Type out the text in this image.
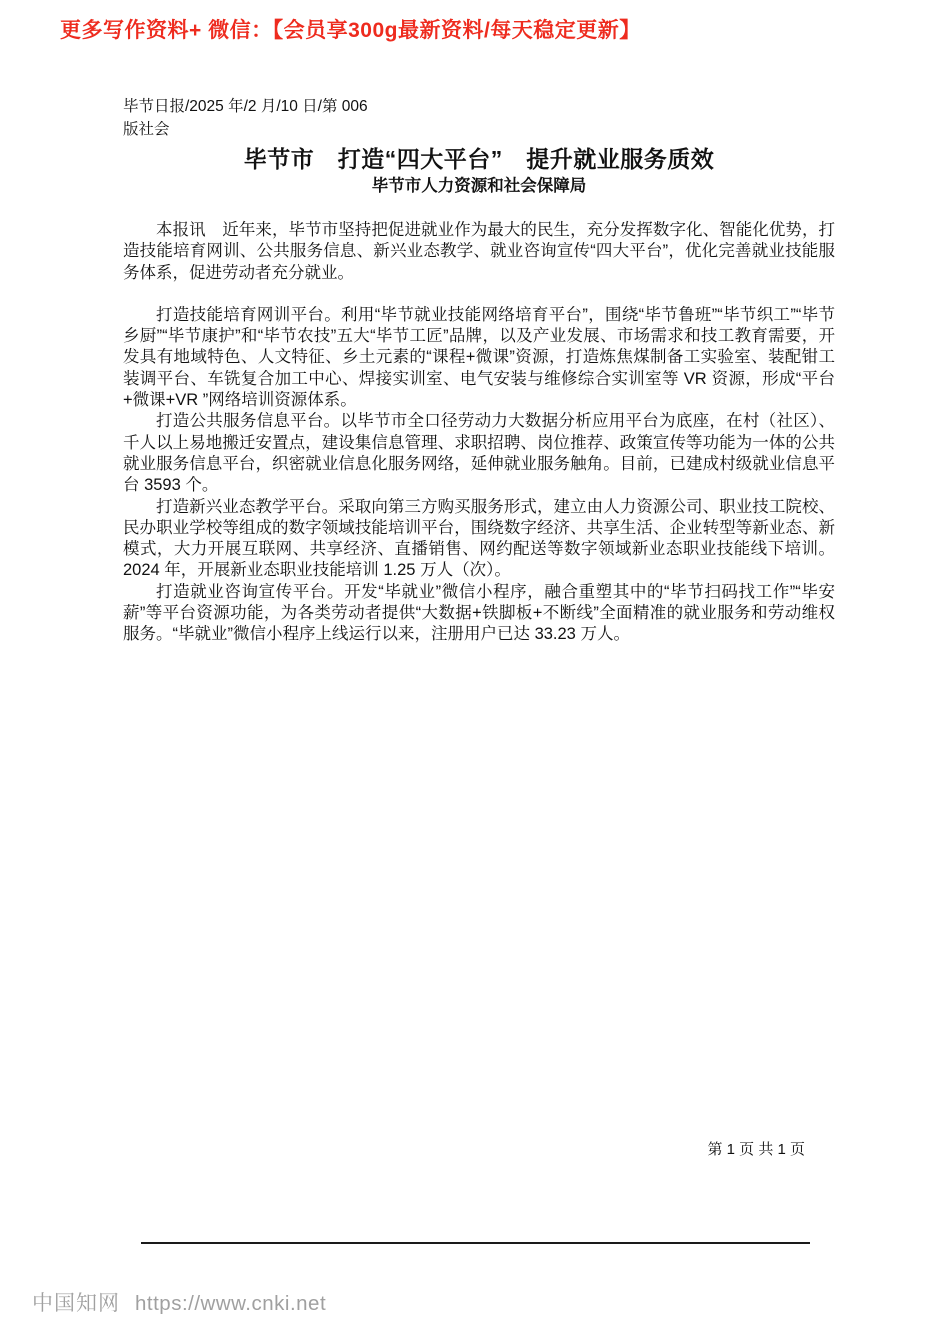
更多写作资料+ 微信：【会员享300g最新资料/每天稳定更新】
毕节日报/2025 年/2 月/10 日/第 006
版社会
毕节市　打造“四大平台”　提升就业服务质效
毕节市人力资源和社会保障局

本报讯　近年来，毕节市坚持把促进就业作为最大的民生，充分发挥数字化、智能化优势，打造技能培育网训、公共服务信息、新兴业态教学、就业咨询宣传“四大平台”，优化完善就业技能服务体系，促进劳动者充分就业。

打造技能培育网训平台。利用“毕节就业技能网络培育平台”，围绕“毕节鲁班”“毕节织工”“毕节乡厨”“毕节康护”和“毕节农技”五大“毕节工匠”品牌，以及产业发展、市场需求和技工教育需要，开发具有地域特色、人文特征、乡土元素的“课程+微课”资源，打造炼焦煤制备工实验室、装配钳工装调平台、车铣复合加工中心、焊接实训室、电气安装与维修综合实训室等 VR 资源，形成“平台+微课+VR ”网络培训资源体系。

打造公共服务信息平台。以毕节市全口径劳动力大数据分析应用平台为底座，在村（社区）、千人以上易地搬迁安置点，建设集信息管理、求职招聘、岗位推荐、政策宣传等功能为一体的公共就业服务信息平台，织密就业信息化服务网络，延伸就业服务触角。目前，已建成村级就业信息平台 3593 个。

打造新兴业态教学平台。采取向第三方购买服务形式，建立由人力资源公司、职业技工院校、民办职业学校等组成的数字领域技能培训平台，围绕数字经济、共享生活、企业转型等新业态、新模式，大力开展互联网、共享经济、直播销售、网约配送等数字领域新业态职业技能线下培训。2024 年，开展新业态职业技能培训 1.25 万人（次）。

打造就业咨询宣传平台。开发“毕就业”微信小程序，融合重塑其中的“毕节扫码找工作”“毕安薪”等平台资源功能，为各类劳动者提供“大数据+铁脚板+不断线”全面精准的就业服务和劳动维权服务。“毕就业”微信小程序上线运行以来，注册用户已达 33.23 万人。

第 1 页 共 1 页
中国知网 https://www.cnki.net
